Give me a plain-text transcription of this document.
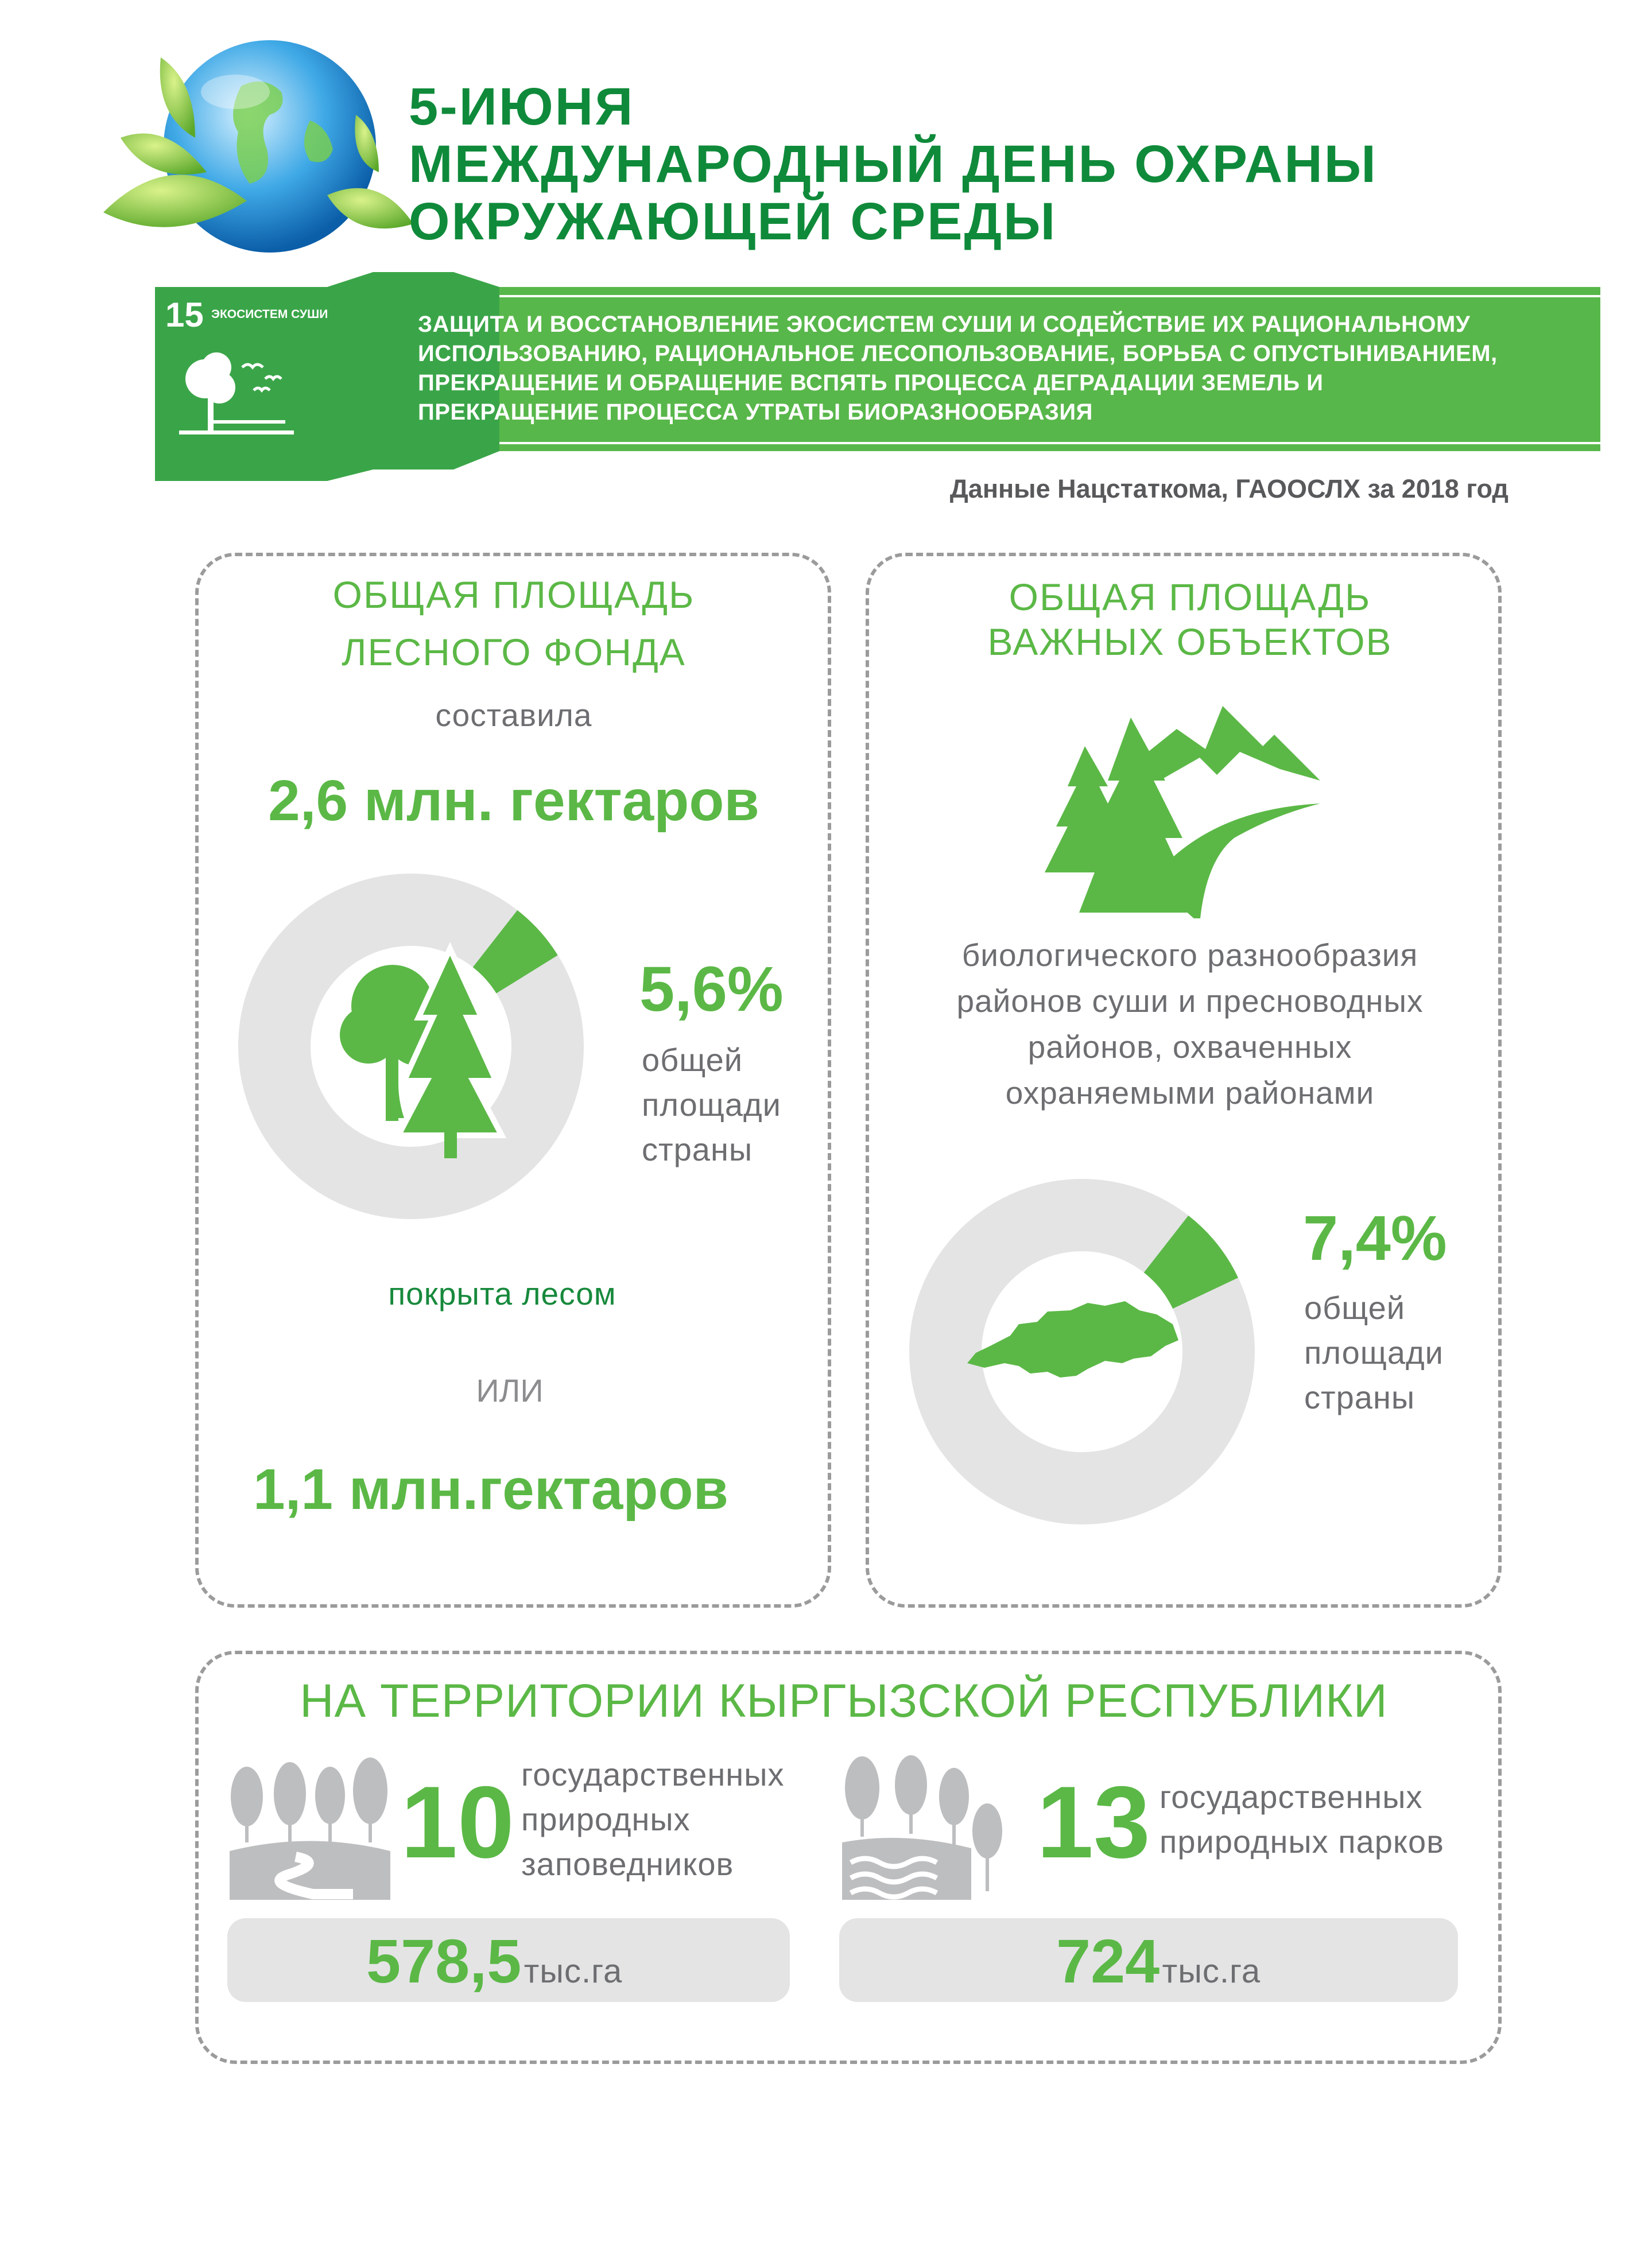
5-ИЮНЯ
МЕЖДУНАРОДНЫЙ ДЕНЬ ОХРАНЫ
ОКРУЖАЮЩЕЙ СРЕДЫ
15 ЭКОСИСТЕМ СУШИ	ЗАЩИТА И ВОССТАНОВЛЕНИЕ ЭКОСИСТЕМ СУШИ И СОДЕЙСТВИЕ ИХ РАЦИОНАЛЬНОМУ
ИСПОЛЬЗОВАНИЮ, РАЦИОНАЛЬНОЕ ЛЕСОПОЛЬЗОВАНИЕ, БОРЬБА С ОПУСТЫНИВАНИЕМ,
ПРЕКРАЩЕНИЕ И ОБРАЩЕНИЕ ВСПЯТЬ ПРОЦЕССА ДЕГРАДАЦИИ ЗЕМЕЛЬ И
ПРЕКРАЩЕНИЕ ПРОЦЕССА УТРАТЫ БИОРАЗНООБРАЗИЯ
Данные Нацстаткома, ГАООСЛХ за 2018 год
ОБЩАЯ ПЛОЩАДЬ
ЛЕСНОГО ФОНДА
составила
2,6 млн. гектаров
5,6%
общей
площади
страны
покрыта лесом
ИЛИ
1,1 млн.гектаров
ОБЩАЯ ПЛОЩАДЬ
ВАЖНЫХ ОБЪЕКТОВ
биологического разнообразия
районов суши и пресноводных
районов, охваченных
охраняемыми районами
7,4%
общей
площади
страны
НА ТЕРРИТОРИИ КЫРГЫЗСКОЙ РЕСПУБЛИКИ
10 государственных
природных
заповедников
578,5 тыс.га
13 государственных
природных парков
724 тыс.га
